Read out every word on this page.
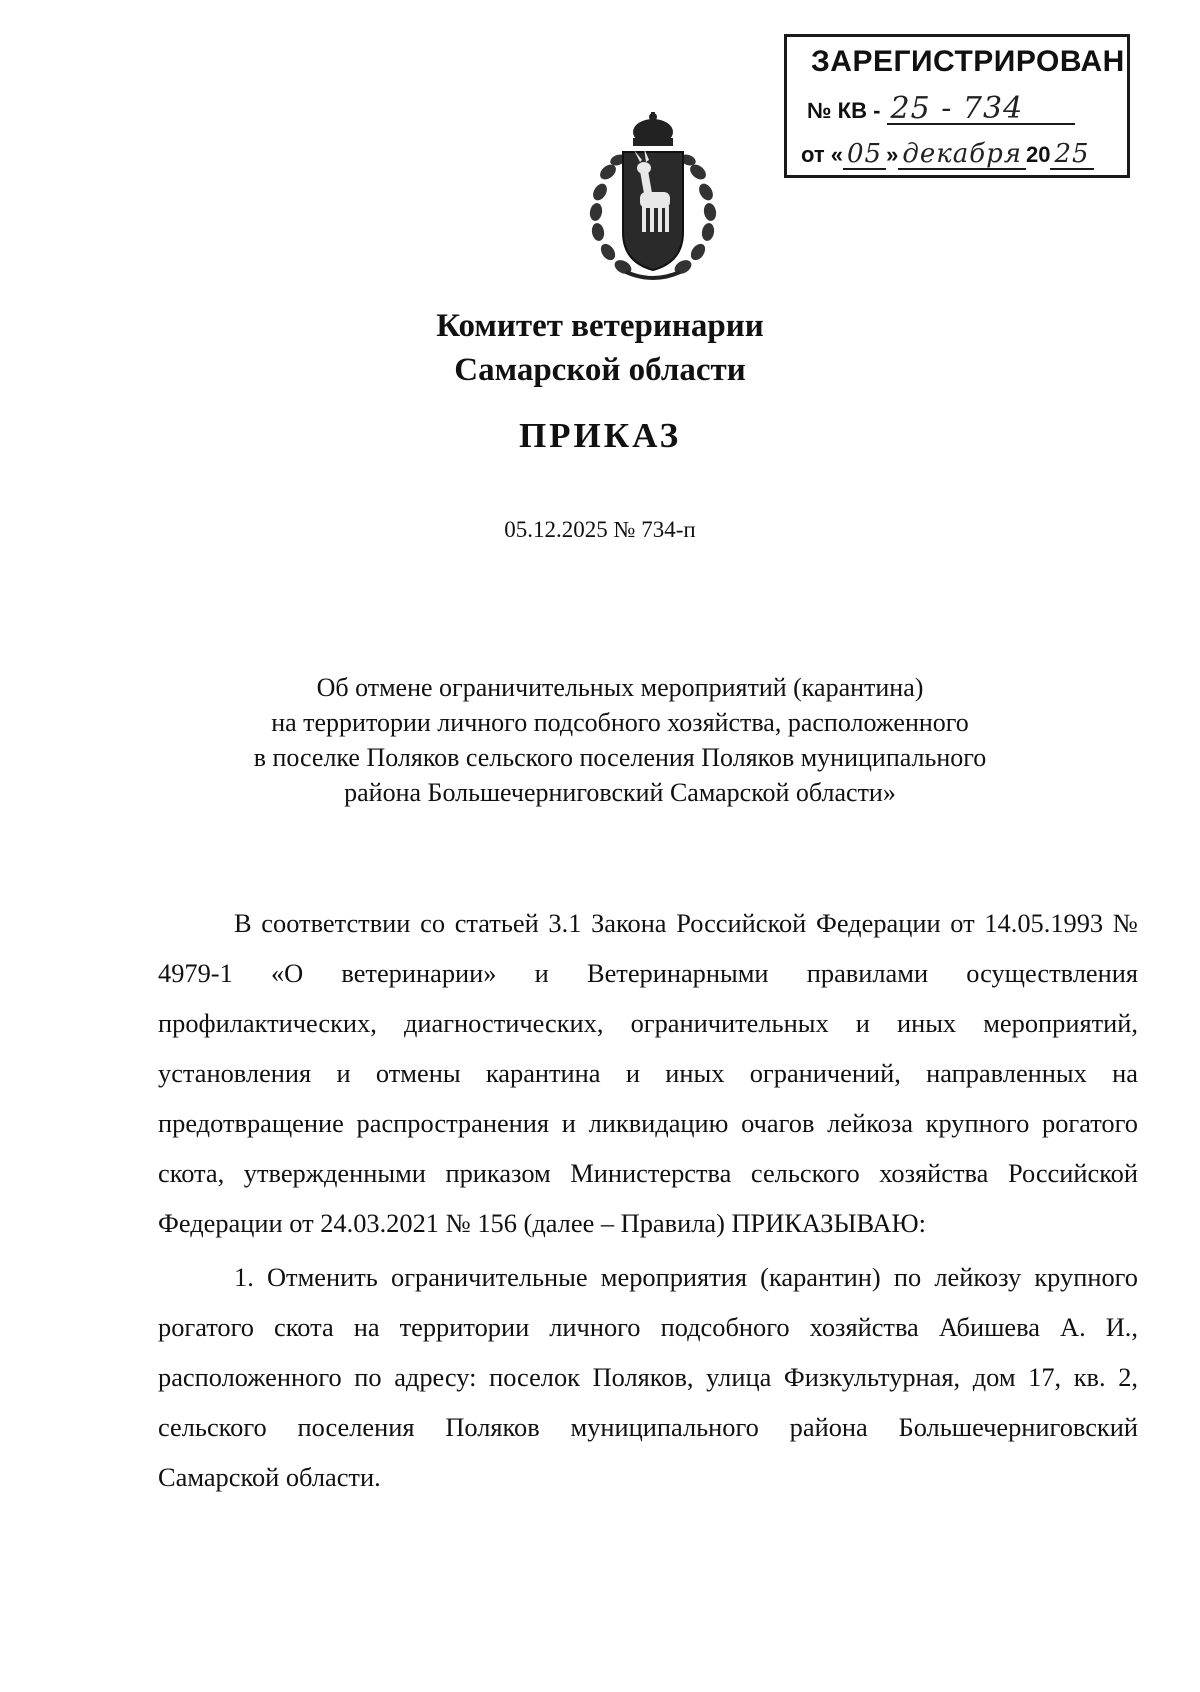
ЗАРЕГИСТРИРОВАН
№ КВ - 25 - 734
от « 05 » декабря 20 25
Комитет ветеринарии
Самарской области
ПРИКАЗ
05.12.2025 № 734-п
Об отмене ограничительных мероприятий (карантина)
на территории личного подсобного хозяйства, расположенного
в поселке Поляков сельского поселения Поляков муниципального
района Большечерниговский Самарской области»

В соответствии со статьей 3.1 Закона Российской Федерации от 14.05.1993 № 4979-1 «О ветеринарии» и Ветеринарными правилами осуществления профилактических, диагностических, ограничительных и иных мероприятий, установления и отмены карантина и иных ограничений, направленных на предотвращение распространения и ликвидацию очагов лейкоза крупного рогатого скота, утвержденными приказом Министерства сельского хозяйства Российской Федерации от 24.03.2021 № 156 (далее – Правила) ПРИКАЗЫВАЮ:

1. Отменить ограничительные мероприятия (карантин) по лейкозу крупного рогатого скота на территории личного подсобного хозяйства Абишева А. И., расположенного по адресу: поселок Поляков, улица Физкультурная, дом 17, кв. 2, сельского поселения Поляков муниципального района Большечерниговский Самарской области.
